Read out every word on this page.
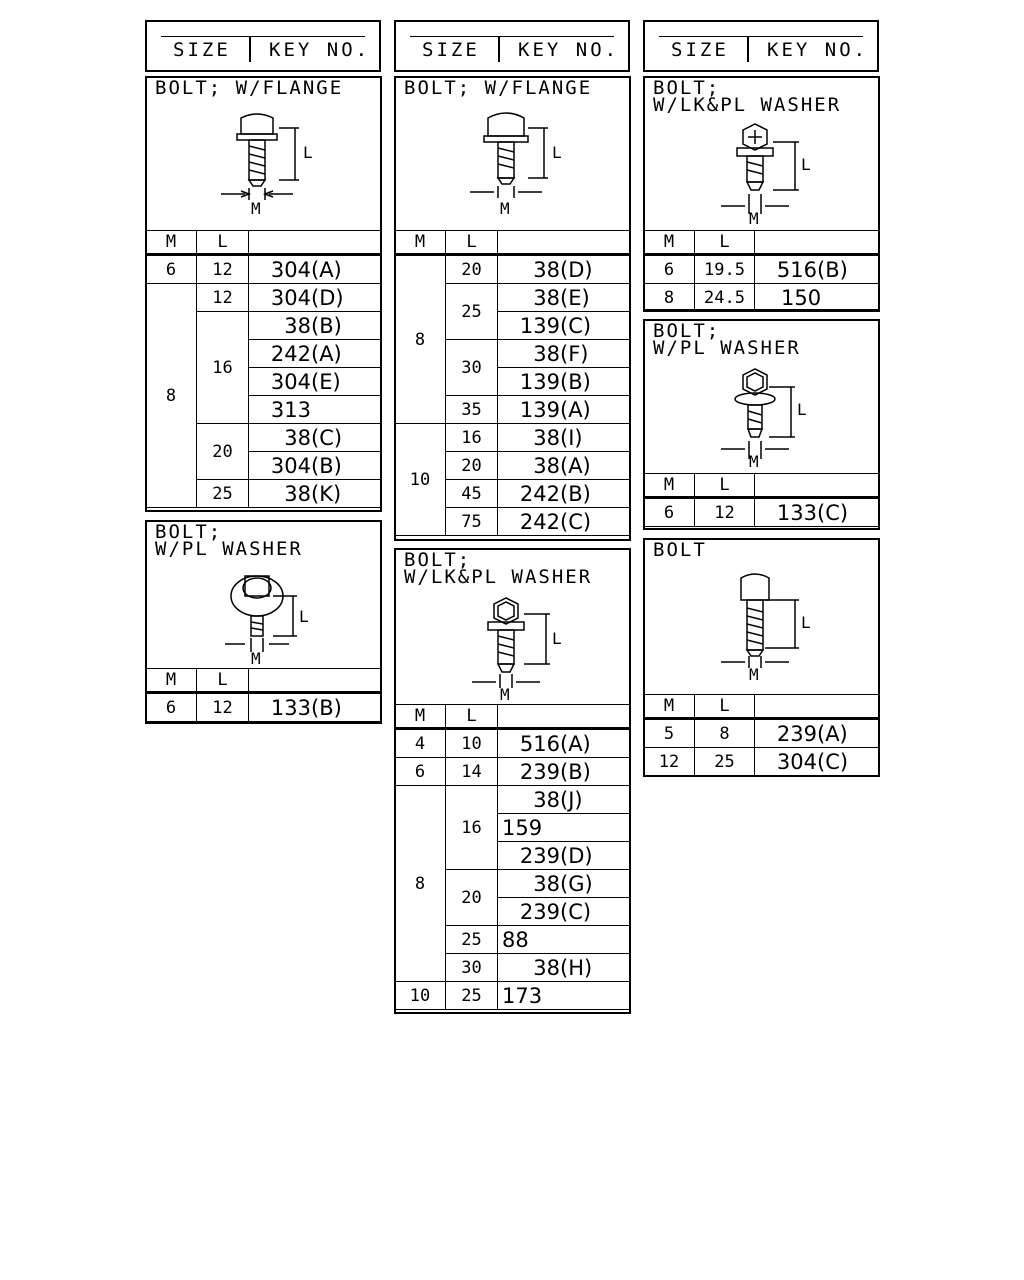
SIZE KEY NO.	SIZE KEY NO.	SIZE KEY NO.
BOLT; W/FLANGE
L
M
M	L	
6	12	304(A)
8	12	304(D)
	16	38(B)
		242(A)
		304(E)
		313
	20	38(C)
		304(B)
	25	38(K)
BOLT;
W/PL WASHER
L
M
M	L	
6	12	133(B)
BOLT; W/FLANGE
L
M
M	L	
8	20	38(D)
	25	38(E)
		139(C)
	30	38(F)
		139(B)
	35	139(A)
10	16	38(I)
	20	38(A)
	45	242(B)
	75	242(C)
BOLT;
W/LK&PL WASHER
L
M
M	L	
4	10	516(A)
6	14	239(B)
8	16	38(J)
		159
		239(D)
	20	38(G)
		239(C)
	25	88
	30	38(H)
10	25	173
BOLT;
W/LK&PL WASHER
L
M
M	L	
6	19.5	516(B)
8	24.5	150
BOLT;
W/PL WASHER
L
M
M	L	
6	12	133(C)
BOLT
L
M
M	L	
5	8	239(A)
12	25	304(C)
